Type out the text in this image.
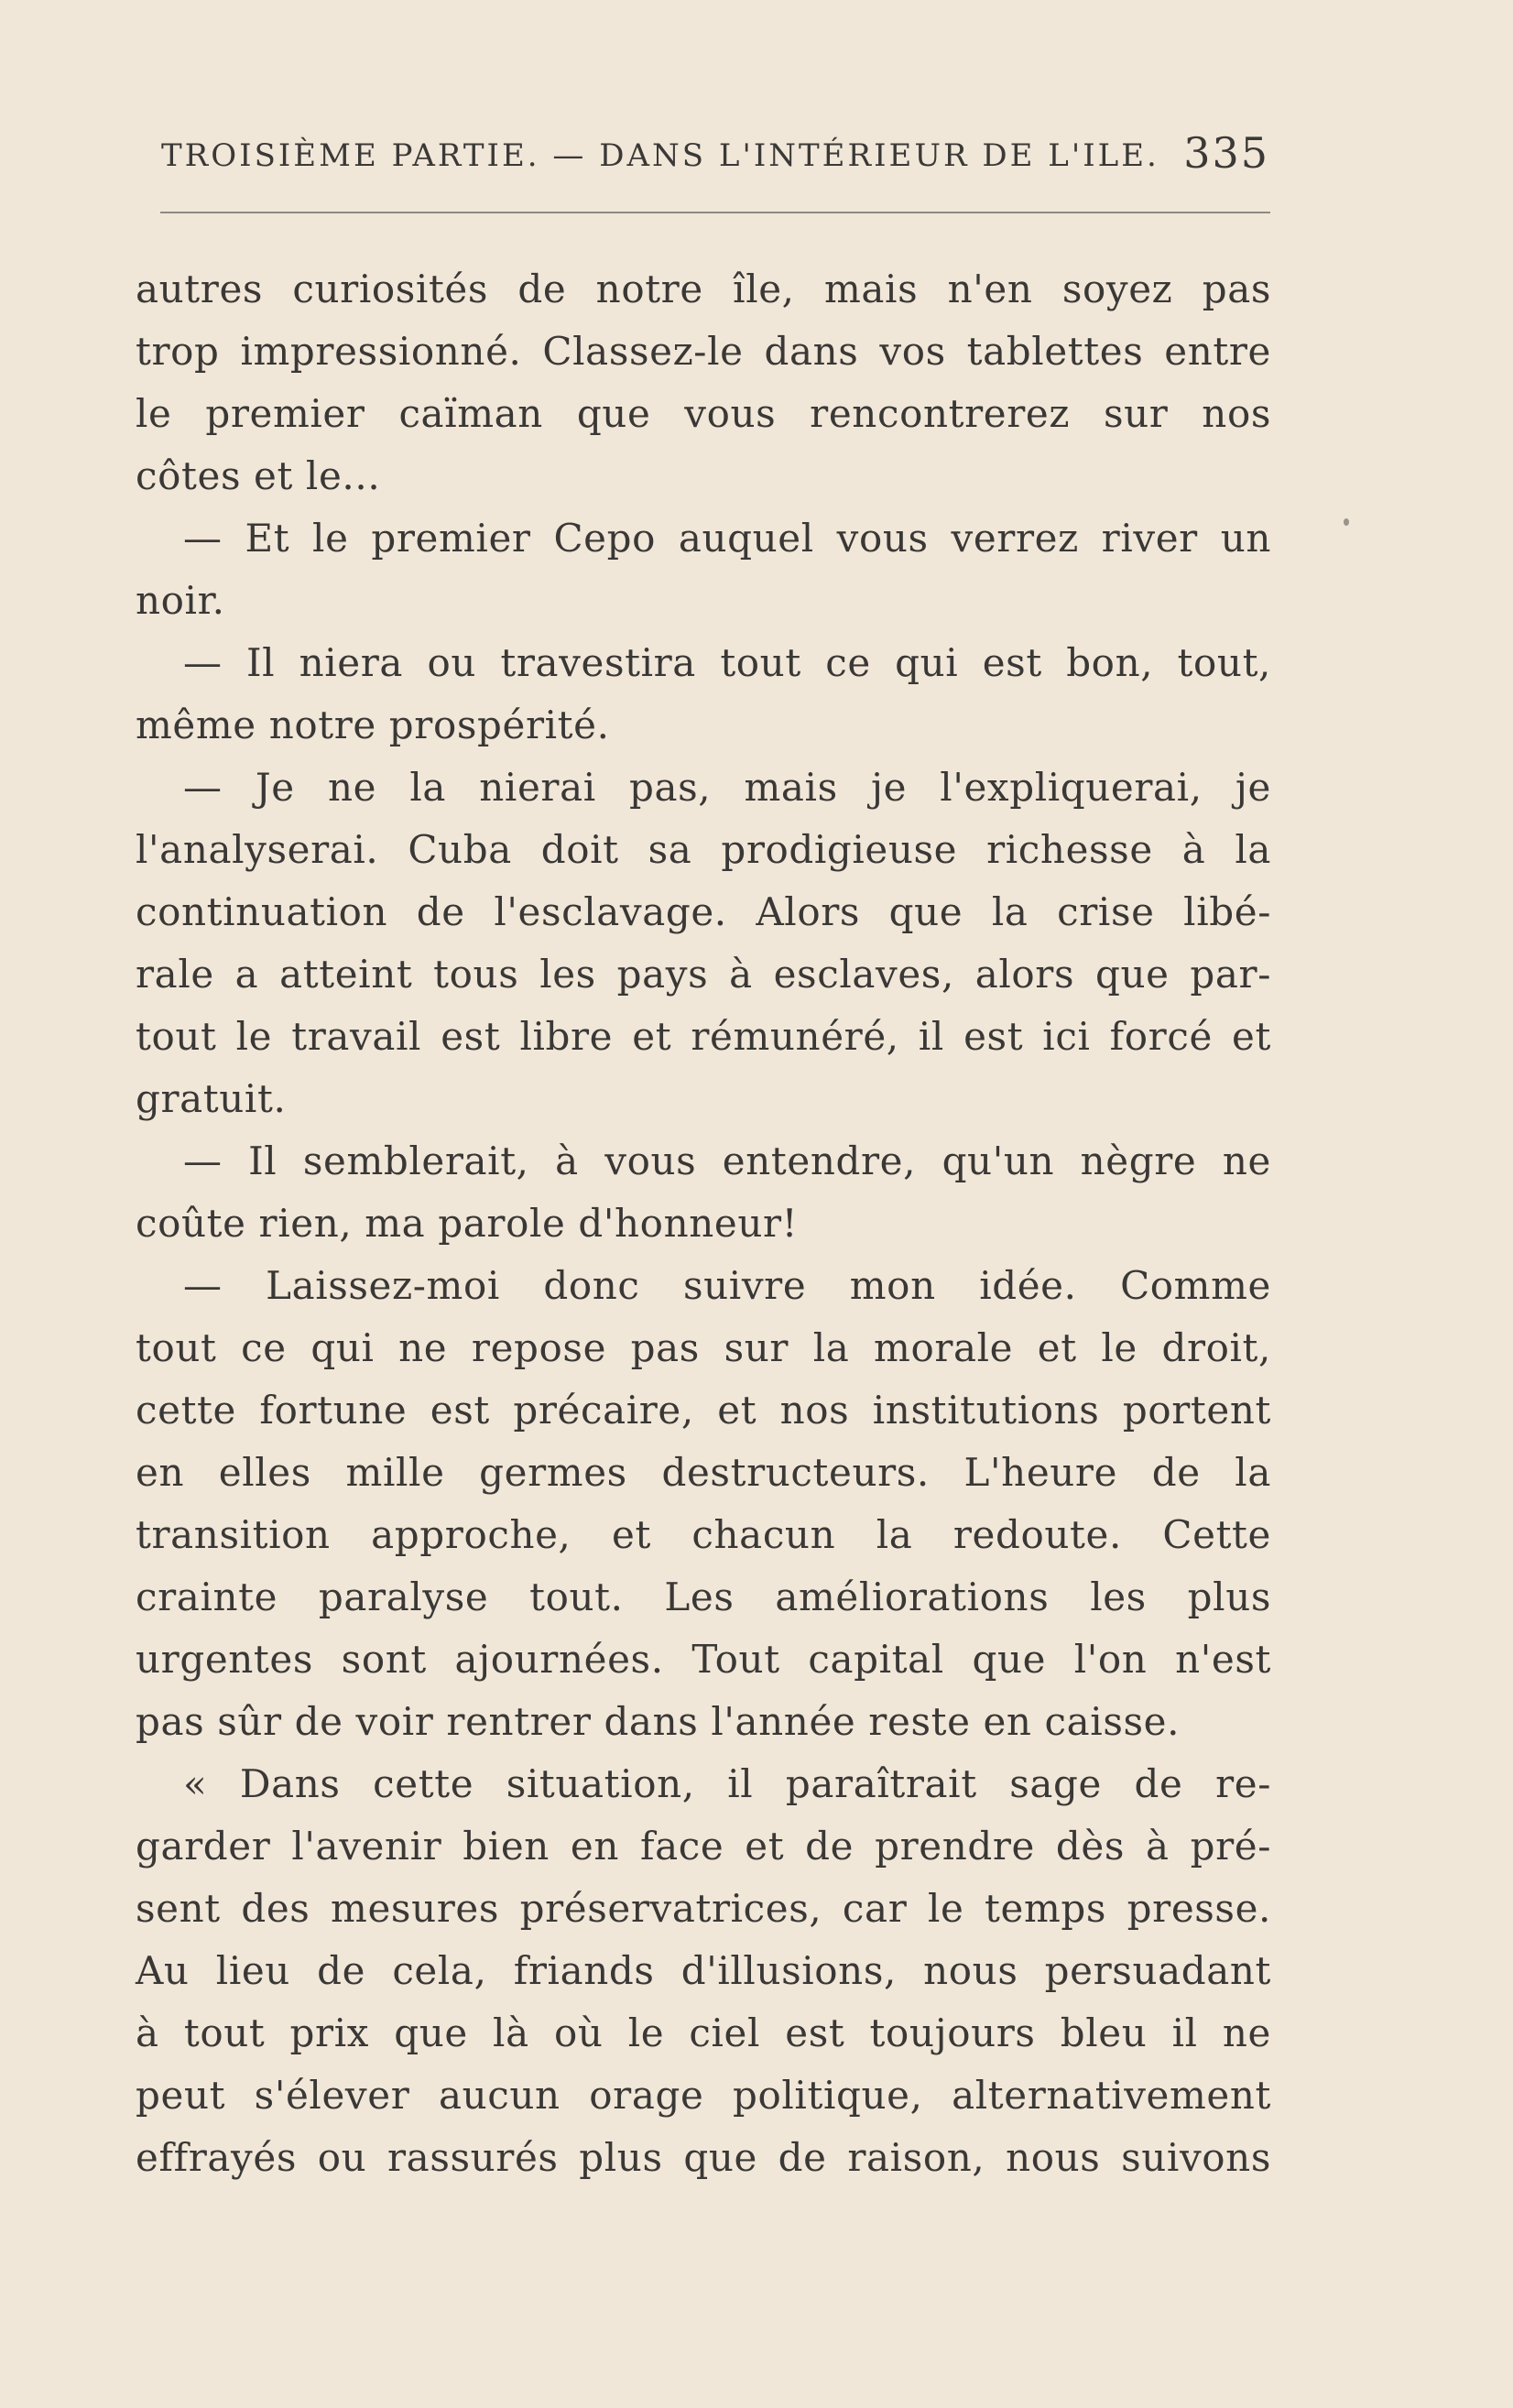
TROISIÈME PARTIE. — DANS L'INTÉRIEUR DE L'ILE. 335
autres curiosités de notre île, mais n'en soyez pas
trop impressionné. Classez-le dans vos tablettes entre
le premier caïman que vous rencontrerez sur nos
côtes et le...
— Et le premier Cepo auquel vous verrez river un
noir.
— Il niera ou travestira tout ce qui est bon, tout,
même notre prospérité.
— Je ne la nierai pas, mais je l'expliquerai, je
l'analyserai. Cuba doit sa prodigieuse richesse à la
continuation de l'esclavage. Alors que la crise libé-
rale a atteint tous les pays à esclaves, alors que par-
tout le travail est libre et rémunéré, il est ici forcé et
gratuit.
— Il semblerait, à vous entendre, qu'un nègre ne
coûte rien, ma parole d'honneur!
— Laissez-moi donc suivre mon idée. Comme
tout ce qui ne repose pas sur la morale et le droit,
cette fortune est précaire, et nos institutions portent
en elles mille germes destructeurs. L'heure de la
transition approche, et chacun la redoute. Cette
crainte paralyse tout. Les améliorations les plus
urgentes sont ajournées. Tout capital que l'on n'est
pas sûr de voir rentrer dans l'année reste en caisse.
« Dans cette situation, il paraîtrait sage de re-
garder l'avenir bien en face et de prendre dès à pré-
sent des mesures préservatrices, car le temps presse.
Au lieu de cela, friands d'illusions, nous persuadant
à tout prix que là où le ciel est toujours bleu il ne
peut s'élever aucun orage politique, alternativement
effrayés ou rassurés plus que de raison, nous suivons
